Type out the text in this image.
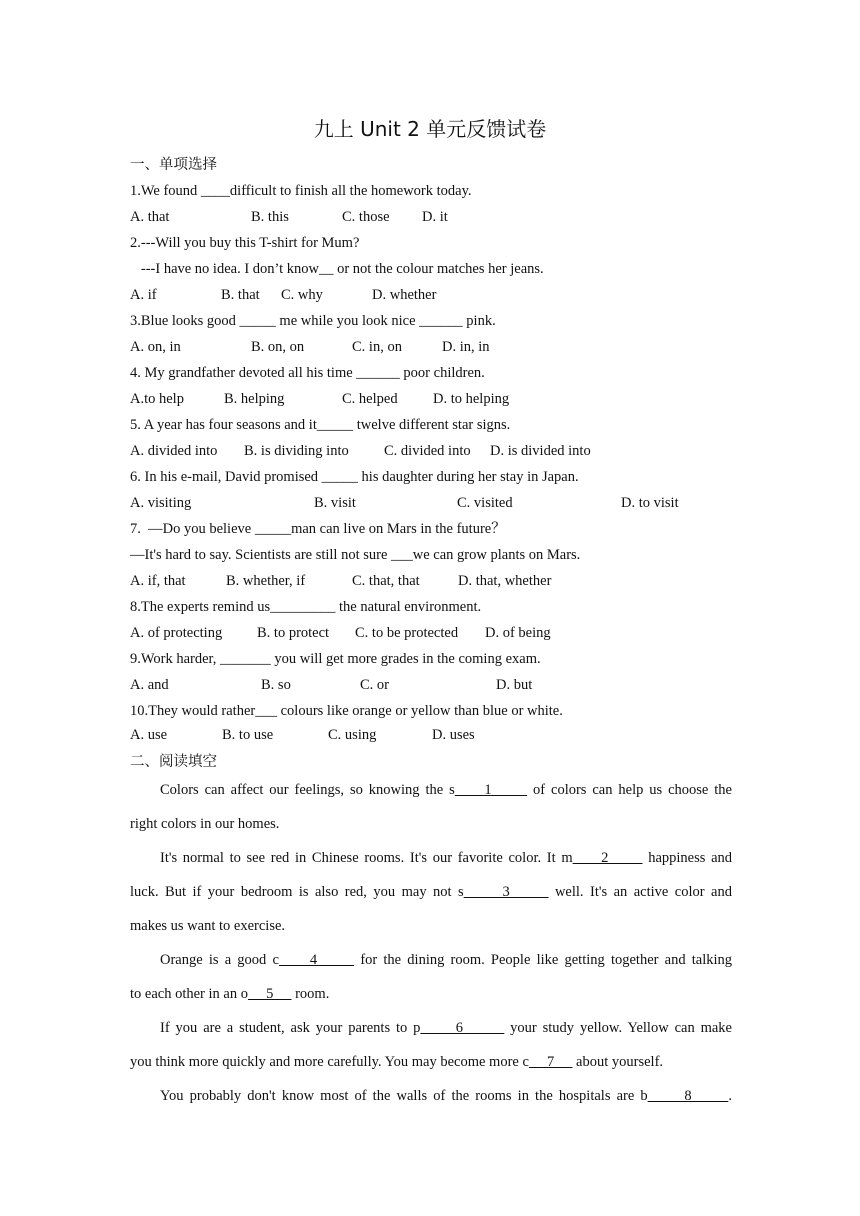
九上 Unit 2 单元反馈试卷
一、单项选择
1.We found ____difficult to finish all the homework today.
A. that	B. this	C. those D. it
2.---Will you buy this T-shirt for Mum?
---I have no idea. I don’t know__ or not the colour matches her jeans.
A. if	B. that C. why	D. whether
3.Blue looks good _____ me while you look nice ______ pink.
A. on, in	B. on, on	C. in, on	D. in, in
4. My grandfather devoted all his time ______ poor children.
A.to help	B. helping	C. helped D. to helping
5. A year has four seasons and it_____ twelve different star signs.
A. divided into B. is dividing into C. divided into D. is divided into
6. In his e-mail, David promised _____ his daughter during her stay in Japan.
A. visiting	B. visit	C. visited	D. to visit
7.  —Do you believe _____man can live on Mars in the future？
—It's hard to say. Scientists are still not sure ___we can grow plants on Mars.
A. if, that	B. whether, if	C. that, that	D. that, whether
8.The experts remind us_________ the natural environment.
A. of protecting B. to protect C. to be protected D. of being
9.Work harder, _______ you will get more grades in the coming exam.
A. and	B. so	C. or	D. but
10.They would rather___ colours like orange or yellow than blue or white.
A. use	B. to use	C. using	D. uses
二、阅读填空
Colors can affect our feelings, so knowing the s     1       of colors can help us choose the
right colors in our homes.
It's normal to see red in Chinese rooms. It's our favorite color. It m     2       happiness and
luck. But if your bedroom is also red, you may not s      3       well. It's an active color and
makes us want to exercise.
Orange is a good c     4       for the dining room. People like getting together and talking
to each other in an o     5      room.
If you are a student, ask your parents to p      6        your study yellow. Yellow can make
you think more quickly and more carefully. You may become more c     7      about yourself.
You probably don't know most of the walls of the rooms in the hospitals are b      8      .
